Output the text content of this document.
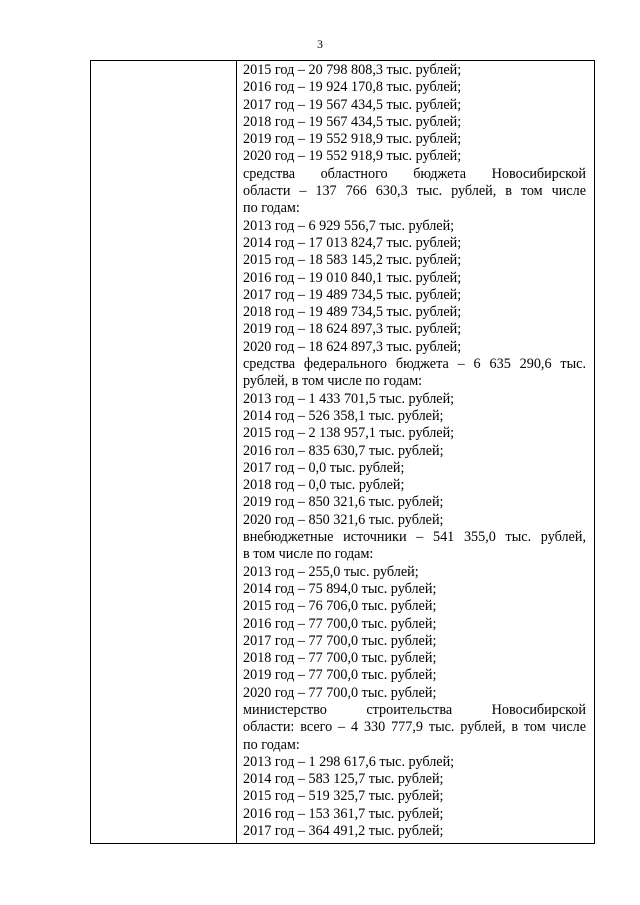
3

2015 год – 20 798 808,3 тыс. рублей;

2016 год – 19 924 170,8 тыс. рублей;

2017 год – 19 567 434,5 тыс. рублей;

2018 год – 19 567 434,5 тыс. рублей;

2019 год – 19 552 918,9 тыс. рублей;

2020 год – 19 552 918,9 тыс. рублей;

средства областного бюджета Новосибирской

области – 137 766 630,3 тыс. рублей, в том числе

по годам:

2013 год – 6 929 556,7 тыс. рублей;

2014 год – 17 013 824,7 тыс. рублей;

2015 год – 18 583 145,2 тыс. рублей;

2016 год – 19 010 840,1 тыс. рублей;

2017 год – 19 489 734,5 тыс. рублей;

2018 год – 19 489 734,5 тыс. рублей;

2019 год – 18 624 897,3 тыс. рублей;

2020 год – 18 624 897,3 тыс. рублей;

средства федерального бюджета – 6 635 290,6 тыс.

рублей, в том числе по годам:

2013 год – 1 433 701,5 тыс. рублей;

2014 год – 526 358,1 тыс. рублей;

2015 год – 2 138 957,1 тыс. рублей;

2016 гол – 835 630,7 тыс. рублей;

2017 год – 0,0 тыс. рублей;

2018 год – 0,0 тыс. рублей;

2019 год – 850 321,6 тыс. рублей;

2020 год – 850 321,6 тыс. рублей;

внебюджетные источники – 541 355,0 тыс. рублей,

в том числе по годам:

2013 год – 255,0 тыс. рублей;

2014 год – 75 894,0 тыс. рублей;

2015 год – 76 706,0 тыс. рублей;

2016 год – 77 700,0 тыс. рублей;

2017 год – 77 700,0 тыс. рублей;

2018 год – 77 700,0 тыс. рублей;

2019 год – 77 700,0 тыс. рублей;

2020 год – 77 700,0 тыс. рублей;

министерство строительства Новосибирской

области: всего – 4 330 777,9 тыс. рублей, в том числе

по годам:

2013 год – 1 298 617,6 тыс. рублей;

2014 год – 583 125,7 тыс. рублей;

2015 год – 519 325,7 тыс. рублей;

2016 год – 153 361,7 тыс. рублей;

2017 год – 364 491,2 тыс. рублей;
